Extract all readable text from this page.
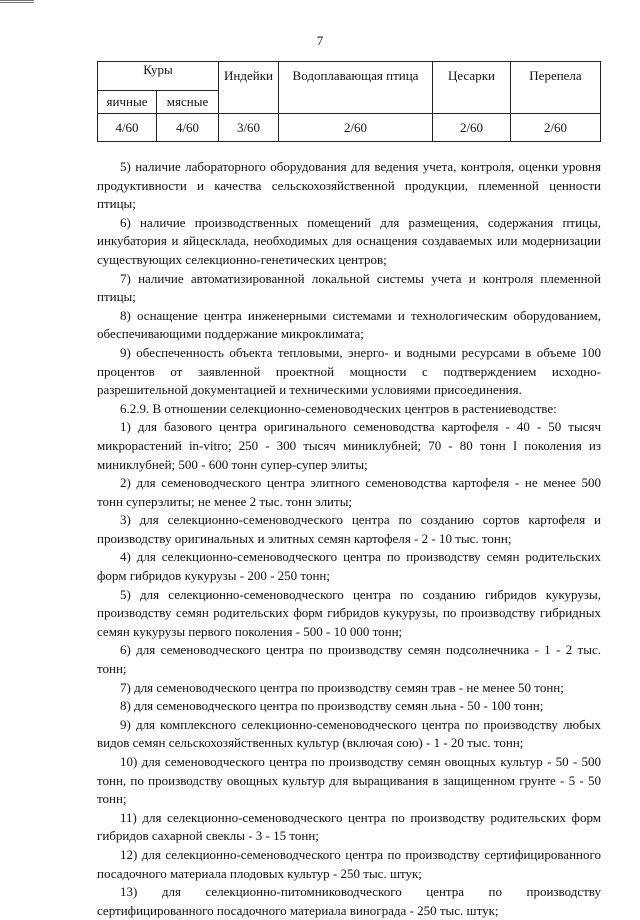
7
Куры		Индейки	Водоплавающая птица	Цесарки	Перепела
яичные	мясные				
4/60	4/60	3/60	2/60	2/60	2/60

5) наличие лабораторного оборудования для ведения учета, контроля, оценки уровня продуктивности и качества сельскохозяйственной продукции, племенной ценности птицы;

6) наличие производственных помещений для размещения, содержания птицы, инкубатория и яйцесклада, необходимых для оснащения создаваемых или модернизации существующих селекционно-генетических центров;

7) наличие автоматизированной локальной системы учета и контроля племенной птицы;

8) оснащение центра инженерными системами и технологическим оборудованием, обеспечивающими поддержание микроклимата;

9) обеспеченность объекта тепловыми, энерго- и водными ресурсами в объеме 100 процентов от заявленной проектной мощности с подтверждением исходно-разрешительной документацией и техническими условиями присоединения.

6.2.9. В отношении селекционно-семеноводческих центров в растениеводстве:

1) для базового центра оригинального семеноводства картофеля - 40 - 50 тысяч микрорастений in-vitro; 250 - 300 тысяч миниклубней; 70 - 80 тонн I поколения из миниклубней; 500 - 600 тонн супер-супер элиты;

2) для семеноводческого центра элитного семеноводства картофеля - не менее 500 тонн суперэлиты; не менее 2 тыс. тонн элиты;

3) для селекционно-семеноводческого центра по созданию сортов картофеля и производству оригинальных и элитных семян картофеля - 2 - 10 тыс. тонн;

4) для селекционно-семеноводческого центра по производству семян родительских форм гибридов кукурузы - 200 - 250 тонн;

5) для селекционно-семеноводческого центра по созданию гибридов кукурузы, производству семян родительских форм гибридов кукурузы, по производству гибридных семян кукурузы первого поколения - 500 - 10 000 тонн;

6) для семеноводческого центра по производству семян подсолнечника - 1 - 2 тыс. тонн;

7) для семеноводческого центра по производству семян трав - не менее 50 тонн;

8) для семеноводческого центра по производству семян льна - 50 - 100 тонн;

9) для комплексного селекционно-семеноводческого центра по производству любых видов семян сельскохозяйственных культур (включая сою) - 1 - 20 тыс. тонн;

10) для семеноводческого центра по производству семян овощных культур - 50 - 500 тонн, по производству овощных культур для выращивания в защищенном грунте - 5 - 50 тонн;

11) для селекционно-семеноводческого центра по производству родительских форм гибридов сахарной свеклы - 3 - 15 тонн;

12) для селекционно-семеноводческого центра по производству сертифицированного посадочного материала плодовых культур - 250 тыс. штук;

13) для селекционно-питомниководческого центра по производству сертифицированного посадочного материала винограда - 250 тыс. штук;
